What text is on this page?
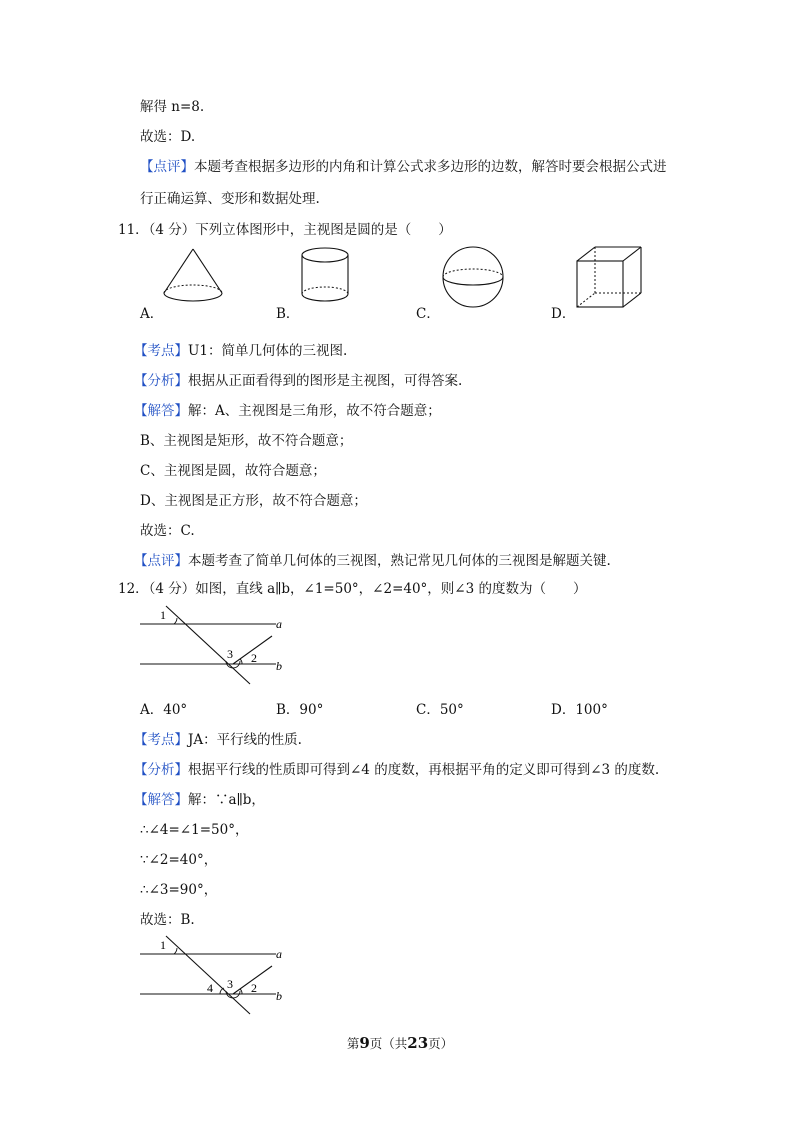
解得 n=8.
故选：D.
【点评】本题考查根据多边形的内角和计算公式求多边形的边数，解答时要会根据公式进
行正确运算、变形和数据处理.
11．（4 分）下列立体图形中，主视图是圆的是（　　）
A．	B．	C．	D．
【考点】U1：简单几何体的三视图.
【分析】根据从正面看得到的图形是主视图，可得答案.
【解答】解：A、主视图是三角形，故不符合题意；
B、主视图是矩形，故不符合题意；
C、主视图是圆，故符合题意；
D、主视图是正方形，故不符合题意；
故选：C.
【点评】本题考查了简单几何体的三视图，熟记常见几何体的三视图是解题关键.
12．（4 分）如图，直线 a∥b，∠1=50°，∠2=40°，则∠3 的度数为（　　）
1
3 2
a
b
A．40°	B．90°	C．50°	D．100°
【考点】JA：平行线的性质.
【分析】根据平行线的性质即可得到∠4 的度数，再根据平角的定义即可得到∠3 的度数.
【解答】解：∵a∥b，
∴∠4=∠1=50°，
∵∠2=40°，
∴∠3=90°，
故选：B.
1
3 2
4
a
b
第9页（共23页）
